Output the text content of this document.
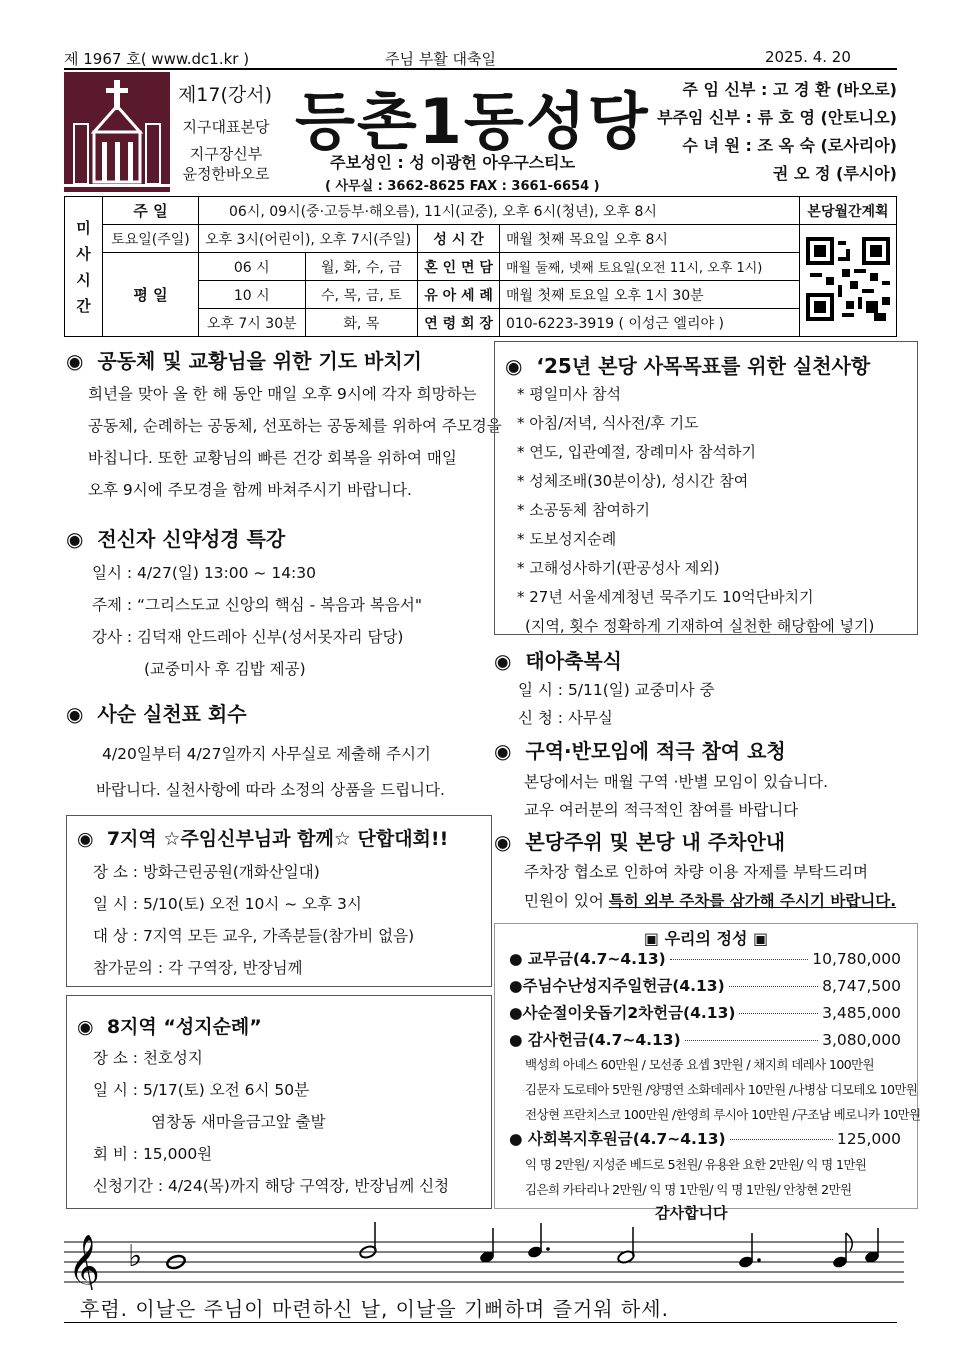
제 1967 호( www.dc1.kr )	주님 부활 대축일	2025. 4. 20
제17(강서)
지구대표본당
지구장신부
윤정한바오로
등촌1동성당
주보성인 : 성 이광헌 아우구스티노
( 사무실 : 3662-8625 FAX : 3661-6654 )
주 임 신부 : 고 경 환 (바오로)
부주임 신부 : 류 호 영 (안토니오)
수 녀 원 : 조 옥 숙 (로사리아)
권 오 정 (루시아)
미사시간	주 일	06시, 09시(중·고등부·해오름), 11시(교중), 오후 6시(청년), 오후 8시				본당월간계획
	토요일(주일)	오후 3시(어린이), 오후 7시(주일)		성 시 간	매월 첫째 목요일 오후 8시	
	평 일	06 시	월, 화, 수, 금	혼 인 면 담	매월 둘째, 넷째 토요일(오전 11시, 오후 1시)	
		10 시	수, 목, 금, 토	유 아 세 례	매월 첫째 토요일 오후 1시 30분	
		오후 7시 30분	화, 목	연 령 회 장	010-6223-3919 ( 이성근 엘리야 )	
◉  공동체 및 교황님을 위한 기도 바치기
희년을 맞아 올 한 해 동안 매일 오후 9시에 각자 희망하는
공동체, 순례하는 공동체, 선포하는 공동체를 위하여 주모경을
바칩니다. 또한 교황님의 빠른 건강 회복을 위하여 매일
오후 9시에 주모경을 함께 바쳐주시기 바랍니다.
◉  전신자 신약성경 특강
일시 : 4/27(일) 13:00 ~ 14:30
주제 : “그리스도교 신앙의 핵심 - 복음과 복음서"
강사 : 김덕재 안드레아 신부(성서못자리 담당)
(교중미사 후 김밥 제공)
◉  사순 실천표 회수
4/20일부터 4/27일까지 사무실로 제출해 주시기
바랍니다. 실천사항에 따라 소정의 상품을 드립니다.
◉  7지역 ☆주임신부님과 함께☆ 단합대회!!
장 소 : 방화근린공원(개화산일대)
일 시 : 5/10(토) 오전 10시 ~ 오후 3시
대 상 : 7지역 모든 교우, 가족분들(참가비 없음)
참가문의 : 각 구역장, 반장님께
◉  8지역 “성지순례”
장 소 : 천호성지
일 시 : 5/17(토) 오전 6시 50분
염창동 새마을금고앞 출발
회 비 : 15,000원
신청기간 : 4/24(목)까지 해당 구역장, 반장님께 신청
◉  ‘25년 본당 사목목표를 위한 실천사항
* 평일미사 참석
* 아침/저녁, 식사전/후 기도
* 연도, 입관예절, 장례미사 참석하기
* 성체조배(30분이상), 성시간 참여
* 소공동체 참여하기
* 도보성지순례
* 고해성사하기(판공성사 제외)
* 27년 서울세계청년 묵주기도 10억단바치기
(지역, 횟수 정확하게 기재하여 실천한 해당함에 넣기)
◉  태아축복식
일 시 : 5/11(일) 교중미사 중
신 청 : 사무실
◉  구역·반모임에 적극 참여 요청
본당에서는 매월 구역 ·반별 모임이 있습니다.
교우 여러분의 적극적인 참여를 바랍니다
◉  본당주위 및 본당 내 주차안내
주차장 협소로 인하여 차량 이용 자제를 부탁드리며
민원이 있어 특히 외부 주차를 삼가해 주시기 바랍니다.
▣ 우리의 정성 ▣
● 교무금(4.7~4.13)	10,780,000
●주님수난성지주일헌금(4.13)	8,747,500
●사순절이웃돕기2차헌금(4.13)	3,485,000
● 감사헌금(4.7~4.13)	3,080,000
백성희 아녜스 60만원 / 모선종 요셉 3만원 / 채지희 데레사 100만원
김문자 도로테아 5만원 /양명연 소화데레사 10만원 /나병삼 디모테오 10만원
전상현 프란치스코 100만원 /한영희 루시아 10만원 /구조남 베로니카 10만원
● 사회복지후원금(4.7~4.13)	125,000
익 명 2만원/ 지성준 베드로 5천원/ 유용완 요한 2만원/ 익 명 1만원
김은희 카타리나 2만원/ 익 명 1만원/ 익 명 1만원/ 안창현 2만원
감사합니다
𝄞 ♭
후렴. 이날은 주님이 마련하신 날, 이날을 기뻐하며 즐거워 하세.
